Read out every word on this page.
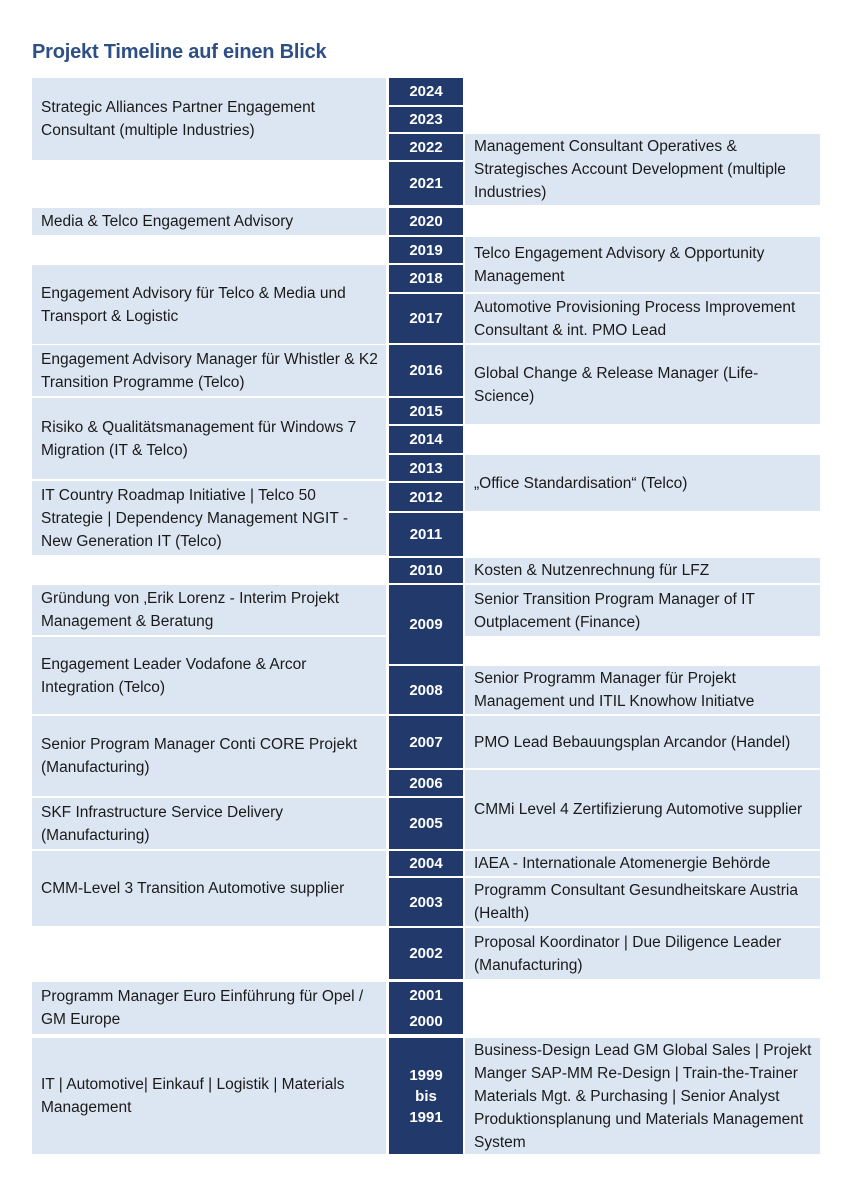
Projekt Timeline auf einen Blick
Strategic Alliances Partner Engagement Consultant (multiple Industries)
Media & Telco Engagement Advisory
Engagement Advisory für Telco & Media und Transport & Logistic
Engagement Advisory Manager für Whistler & K2 Transition Programme (Telco)
Risiko & Qualitätsmanagement für Windows 7 Migration (IT & Telco)
IT Country Roadmap Initiative | Telco 50 Strategie | Dependency Management NGIT - New Generation IT (Telco)
Gründung von ‚Erik Lorenz - Interim Projekt Management & Beratung
Engagement Leader Vodafone & Arcor Integration (Telco)
Senior Program Manager Conti CORE Projekt (Manufacturing)
SKF Infrastructure Service Delivery (Manufacturing)
CMM-Level 3 Transition Automotive supplier
Programm Manager Euro Einführung für Opel / GM Europe
IT | Automotive| Einkauf | Logistik | Materials Management
2024
2023
2022
2021
2020
2019
2018
2017
2016
2015
2014
2013
2012
2011
2010
2009
2008
2007
2006
2005
2004
2003
2002
2001
2000
1999
bis
1991
Management Consultant Operatives & Strategisches Account Development (multiple Industries)
Telco Engagement Advisory & Opportunity Management
Automotive Provisioning Process Improvement Consultant & int. PMO Lead
Global Change & Release Manager (Life-Science)
„Office Standardisation“ (Telco)
Kosten & Nutzenrechnung für LFZ
Senior Transition Program Manager of IT Outplacement (Finance)
Senior Programm Manager für Projekt Management und ITIL Knowhow Initiatve
PMO Lead Bebauungsplan Arcandor (Handel)
CMMi Level 4 Zertifizierung Automotive supplier
IAEA - Internationale Atomenergie Behörde
Programm Consultant Gesundheitskare Austria (Health)
Proposal Koordinator | Due Diligence Leader (Manufacturing)
Business-Design Lead GM Global Sales | Projekt Manger SAP-MM Re-Design | Train-the-Trainer Materials Mgt. & Purchasing | Senior Analyst Produktionsplanung und Materials Management System
